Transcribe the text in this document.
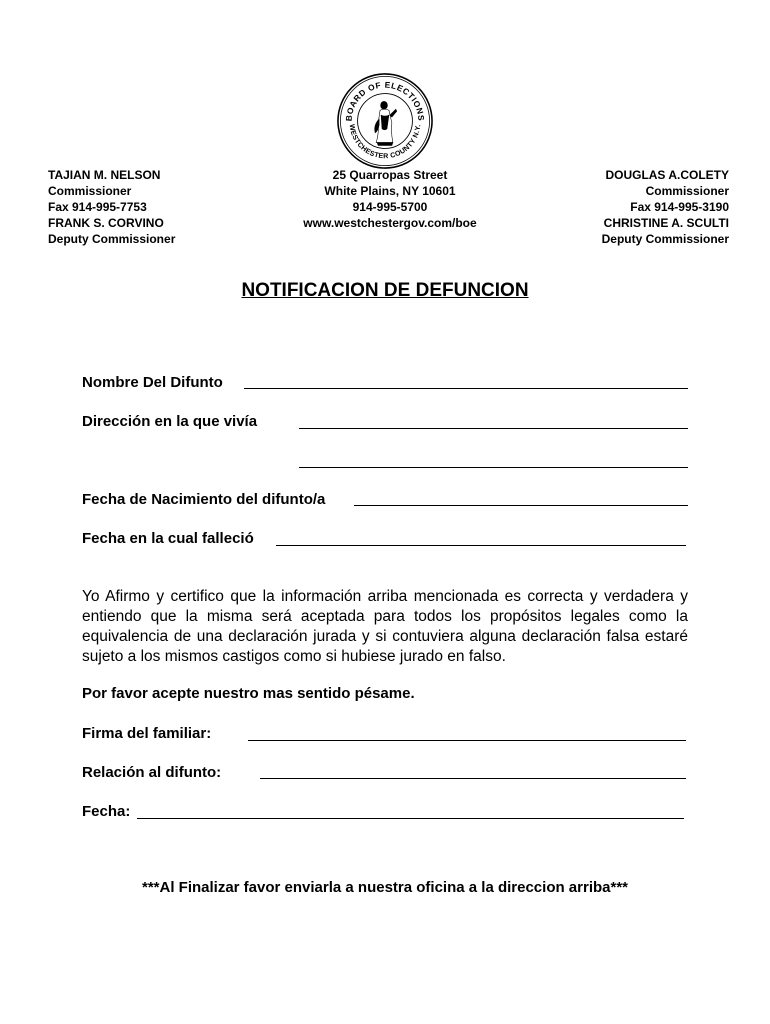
BOARD OF ELECTIONS
WESTCHESTER COUNTY N.Y.
TAJIAN M. NELSON
Commissioner
Fax 914-995-7753
FRANK S. CORVINO
Deputy Commissioner
25 Quarropas Street
White Plains, NY 10601
914-995-5700
www.westchestergov.com/boe
DOUGLAS A.COLETY
Commissioner
Fax 914-995-3190
CHRISTINE A. SCULTI
Deputy Commissioner
NOTIFICACION DE DEFUNCION
Nombre Del Difunto
Dirección en la que vivía
Fecha de Nacimiento del difunto/a
Fecha en la cual falleció
Yo Afirmo y certifico que la información arriba mencionada es correcta y verdadera y entiendo que la misma será aceptada para todos los propósitos legales como la equivalencia de una declaración jurada y si contuviera alguna declaración falsa estaré sujeto a los mismos castigos como si hubiese jurado en falso.
Por favor acepte nuestro mas sentido pésame.
Firma del familiar:
Relación al difunto:
Fecha:
***Al Finalizar favor enviarla a nuestra oficina a la direccion arriba***
